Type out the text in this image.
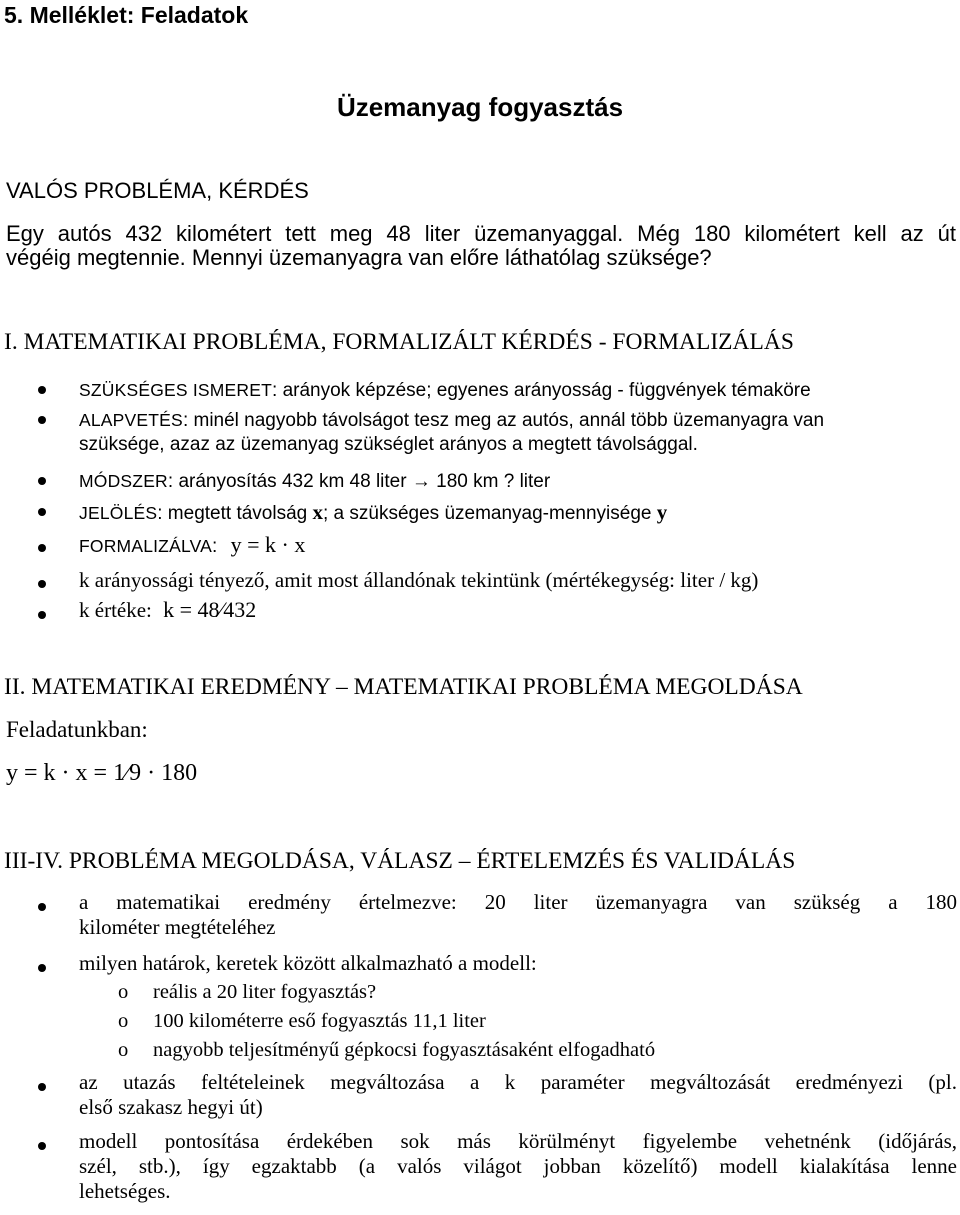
5. Melléklet: Feladatok
Üzemanyag fogyasztás
VALÓS PROBLÉMA, KÉRDÉS
Egy autós 432 kilométert tett meg 48 liter üzemanyaggal. Még 180 kilométert kell az út
végéig megtennie. Mennyi üzemanyagra van előre láthatólag szüksége?
I. MATEMATIKAI PROBLÉMA, FORMALIZÁLT KÉRDÉS - FORMALIZÁLÁS
SZÜKSÉGES ISMERET: arányok képzése; egyenes arányosság - függvények témaköre
ALAPVETÉS: minél nagyobb távolságot tesz meg az autós, annál több üzemanyagra van
szüksége, azaz az üzemanyag szükséglet arányos a megtett távolsággal.
MÓDSZER: arányosítás 432 km 48 liter → 180 km ? liter
JELÖLÉS: megtett távolság x; a szükséges üzemanyag-mennyisége y
FORMALIZÁLVA: y = k · x
k arányossági tényező, amit most állandónak tekintünk (mértékegység: liter / kg)
k értéke: k = 48⁄432
II. MATEMATIKAI EREDMÉNY – MATEMATIKAI PROBLÉMA MEGOLDÁSA
Feladatunkban:
y = k · x = 1⁄9 · 180
III-IV. PROBLÉMA MEGOLDÁSA, VÁLASZ – ÉRTELEMZÉS ÉS VALIDÁLÁS
a matematikai eredmény értelmezve: 20 liter üzemanyagra van szükség a 180
kilométer megtételéhez
milyen határok, keretek között alkalmazható a modell:
o reális a 20 liter fogyasztás?
o 100 kilométerre eső fogyasztás 11,1 liter
o nagyobb teljesítményű gépkocsi fogyasztásaként elfogadható
az utazás feltételeinek megváltozása a k paraméter megváltozását eredményezi (pl.
első szakasz hegyi út)
modell pontosítása érdekében sok más körülményt figyelembe vehetnénk (időjárás,
szél, stb.), így egzaktabb (a valós világot jobban közelítő) modell kialakítása lenne
lehetséges.
